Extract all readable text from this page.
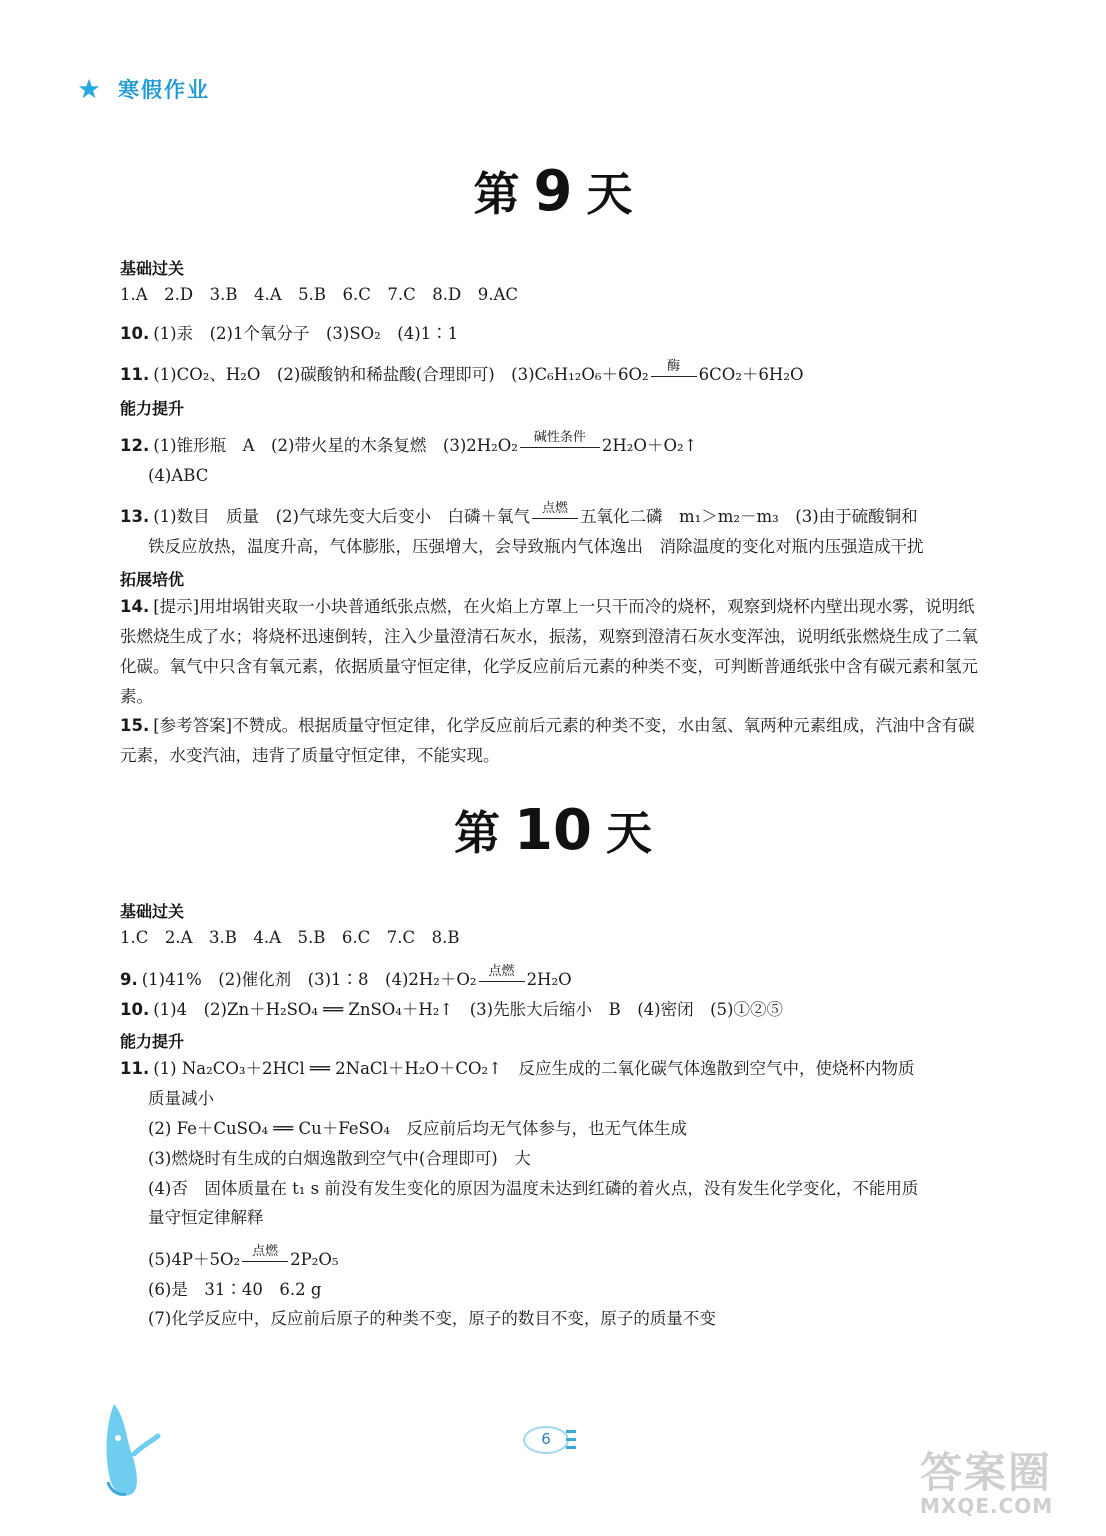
寒假作业
第 9 天
基础过关
1.A　2.D　3.B　4.A　5.B　6.C　7.C　8.D　9.AC
10. (1)汞　(2)1个氧分子　(3)SO₂　(4)1∶1
11. (1)CO₂、H₂O　(2)碳酸钠和稀盐酸(合理即可)　(3)C₆H₁₂O₆＋6O₂	酶	6CO₂＋6H₂O
能力提升
12. (1)锥形瓶　A　(2)带火星的木条复燃　(3)2H₂O₂	碱性条件 2H₂O＋O₂↑
(4)ABC
13. (1)数目　质量　(2)气球先变大后变小　白磷＋氧气 点燃 五氧化二磷　m₁＞m₂－m₃　(3)由于硫酸铜和
铁反应放热，温度升高，气体膨胀，压强增大，会导致瓶内气体逸出　消除温度的变化对瓶内压强造成干扰
拓展培优
14. [提示]用坩埚钳夹取一小块普通纸张点燃，在火焰上方罩上一只干而冷的烧杯，观察到烧杯内壁出现水雾，说明纸张燃烧生成了水；将烧杯迅速倒转，注入少量澄清石灰水，振荡，观察到澄清石灰水变浑浊，说明纸张燃烧生成了二氧化碳。氧气中只含有氧元素，依据质量守恒定律，化学反应前后元素的种类不变，可判断普通纸张中含有碳元素和氢元素。
15. [参考答案]不赞成。根据质量守恒定律，化学反应前后元素的种类不变，水由氢、氧两种元素组成，汽油中含有碳元素，水变汽油，违背了质量守恒定律，不能实现。
第 10 天
基础过关
1.C　2.A　3.B　4.A　5.B　6.C　7.C　8.B
9. (1)41%　(2)催化剂　(3)1∶8　(4)2H₂＋O₂ 点燃 2H₂O
10. (1)4　(2)Zn＋H₂SO₄ ══ ZnSO₄＋H₂↑　(3)先胀大后缩小　B　(4)密闭　(5)①②⑤
能力提升
11. (1) Na₂CO₃＋2HCl ══ 2NaCl＋H₂O＋CO₂↑　反应生成的二氧化碳气体逸散到空气中，使烧杯内物质
质量减小
(2) Fe＋CuSO₄ ══ Cu＋FeSO₄　反应前后均无气体参与，也无气体生成
(3)燃烧时有生成的白烟逸散到空气中(合理即可)　大
(4)否　固体质量在 t₁ s 前没有发生变化的原因为温度未达到红磷的着火点，没有发生化学变化，不能用质
量守恒定律解释
(5)4P＋5O₂ 点燃 2P₂O₅
(6)是　31∶40　6.2 g
(7)化学反应中，反应前后原子的种类不变，原子的数目不变，原子的质量不变
6
答案圈
MXQE.COM
